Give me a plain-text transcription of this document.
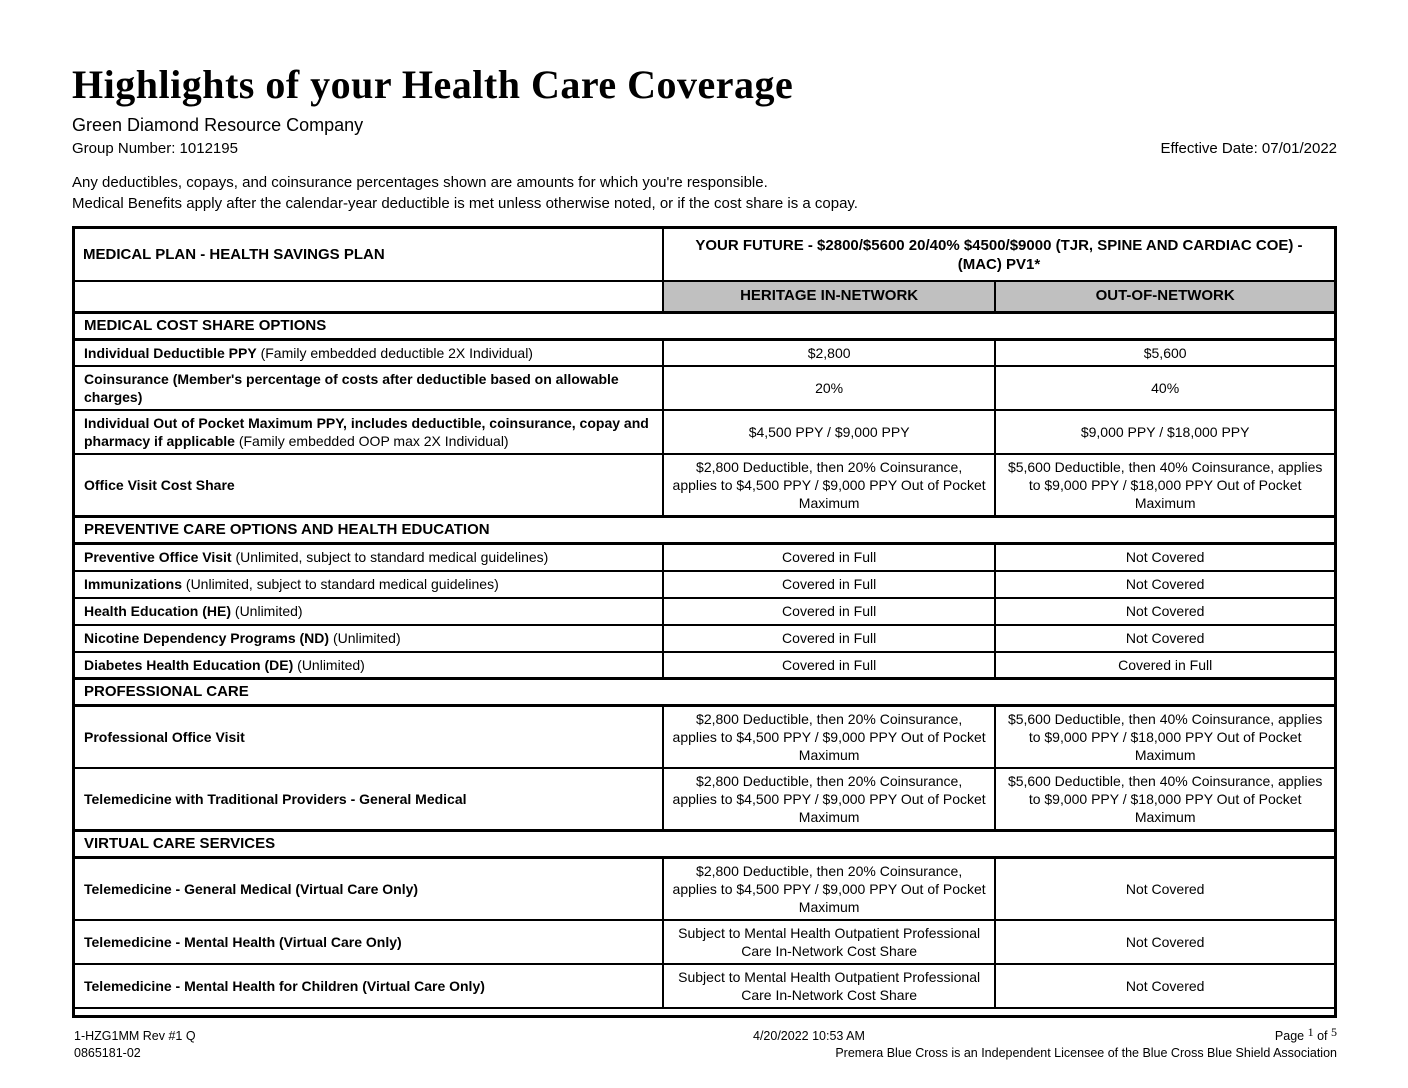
Highlights of your Health Care Coverage
Green Diamond Resource Company
Group Number: 1012195	Effective Date: 07/01/2022
Any deductibles, copays, and coinsurance percentages shown are amounts for which you're responsible.
Medical Benefits apply after the calendar-year deductible is met unless otherwise noted, or if the cost share is a copay.
MEDICAL PLAN - HEALTH SAVINGS PLAN	YOUR FUTURE - $2800/$5600 20/40% $4500/$9000 (TJR, SPINE AND CARDIAC COE) - (MAC) PV1*	
	HERITAGE IN-NETWORK	OUT-OF-NETWORK
MEDICAL COST SHARE OPTIONS		
Individual Deductible PPY (Family embedded deductible 2X Individual)	$2,800	$5,600
Coinsurance (Member's percentage of costs after deductible based on allowable charges)	20%	40%
Individual Out of Pocket Maximum PPY, includes deductible, coinsurance, copay and pharmacy if applicable (Family embedded OOP max 2X Individual)	$4,500 PPY / $9,000 PPY	$9,000 PPY / $18,000 PPY
Office Visit Cost Share	$2,800 Deductible, then 20% Coinsurance, applies to $4,500 PPY / $9,000 PPY Out of Pocket Maximum	$5,600 Deductible, then 40% Coinsurance, applies to $9,000 PPY / $18,000 PPY Out of Pocket Maximum
PREVENTIVE CARE OPTIONS AND HEALTH EDUCATION		
Preventive Office Visit (Unlimited, subject to standard medical guidelines)	Covered in Full	Not Covered
Immunizations (Unlimited, subject to standard medical guidelines)	Covered in Full	Not Covered
Health Education (HE) (Unlimited)	Covered in Full	Not Covered
Nicotine Dependency Programs (ND) (Unlimited)	Covered in Full	Not Covered
Diabetes Health Education (DE) (Unlimited)	Covered in Full	Covered in Full
PROFESSIONAL CARE		
Professional Office Visit	$2,800 Deductible, then 20% Coinsurance, applies to $4,500 PPY / $9,000 PPY Out of Pocket Maximum	$5,600 Deductible, then 40% Coinsurance, applies to $9,000 PPY / $18,000 PPY Out of Pocket Maximum
Telemedicine with Traditional Providers - General Medical	$2,800 Deductible, then 20% Coinsurance, applies to $4,500 PPY / $9,000 PPY Out of Pocket Maximum	$5,600 Deductible, then 40% Coinsurance, applies to $9,000 PPY / $18,000 PPY Out of Pocket Maximum
VIRTUAL CARE SERVICES		
Telemedicine - General Medical (Virtual Care Only)	$2,800 Deductible, then 20% Coinsurance, applies to $4,500 PPY / $9,000 PPY Out of Pocket Maximum	Not Covered
Telemedicine - Mental Health (Virtual Care Only)	Subject to Mental Health Outpatient Professional Care In-Network Cost Share	Not Covered
Telemedicine - Mental Health for Children (Virtual Care Only)	Subject to Mental Health Outpatient Professional Care In-Network Cost Share	Not Covered
1-HZG1MM Rev #1 Q
0865181-02
4/20/2022 10:53 AM	Page 1 of 5
Premera Blue Cross is an Independent Licensee of the Blue Cross Blue Shield Association
